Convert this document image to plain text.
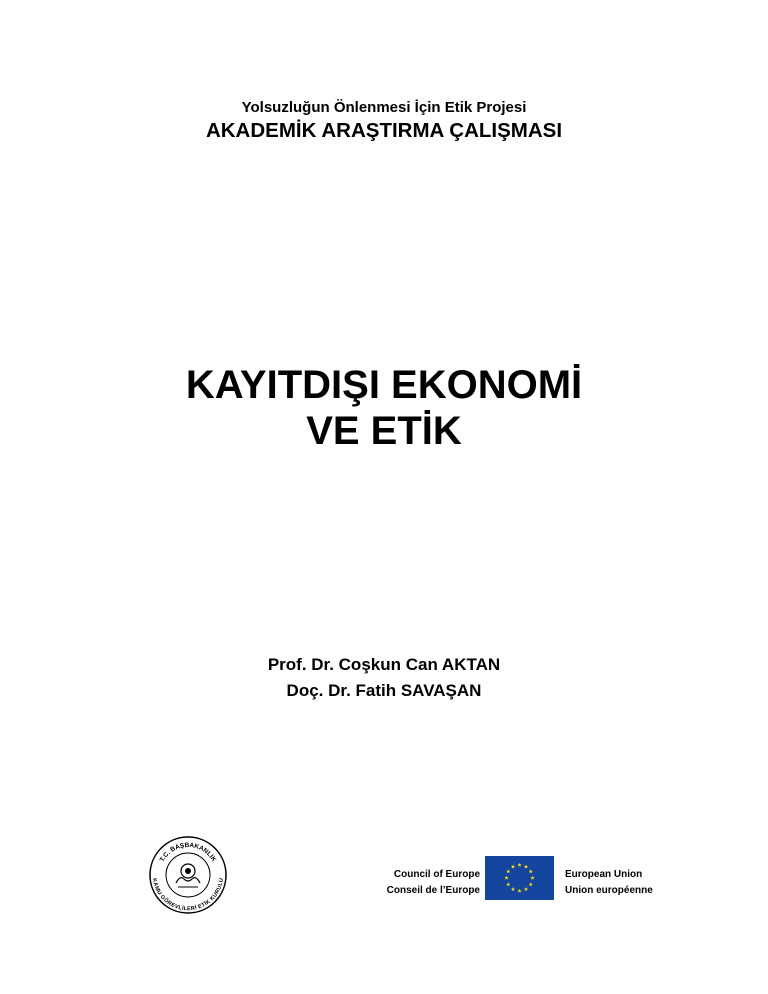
Yolsuzluğun Önlenmesi İçin Etik Projesi
AKADEMİK ARAŞTIRMA ÇALIŞMASI
KAYITDIŞI EKONOMİ
VE ETİK
Prof. Dr. Coşkun Can AKTAN
Doç. Dr. Fatih SAVAŞAN
T.C. BAŞBAKANLIK
KAMU GÖREVLİLERİ ETİK KURULU
Council of Europe
Conseil de l’Europe
European Union
Union européenne
